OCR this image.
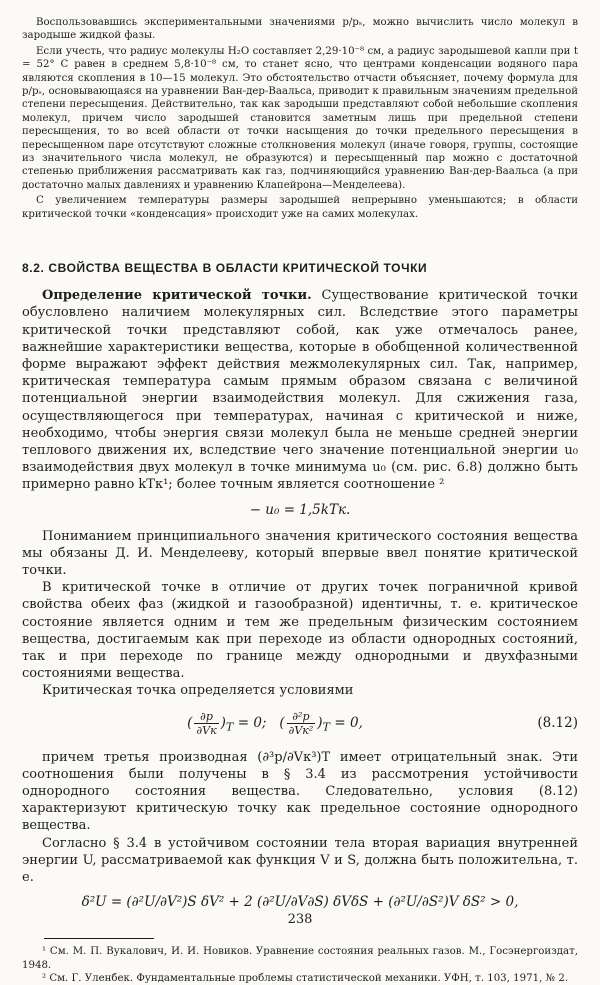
Воспользовавшись экспериментальными значениями p/pₛ, можно вычислить число молекул в зародыше жидкой фазы.

Если учесть, что радиус молекулы H₂O составляет 2,29·10⁻⁸ см, а радиус зародышевой капли при t = 52° С равен в среднем 5,8·10⁻⁸ см, то станет ясно, что центрами конденсации водяного пара являются скопления в 10—15 молекул. Это обстоятельство отчасти объясняет, почему формула для p/pₛ, основывающаяся на уравнении Ван-дер-Ваальса, приводит к правильным значениям предельной степени пересыщения. Действительно, так как зародыши представляют собой небольшие скопления молекул, причем число зародышей становится заметным лишь при предельной степени пересыщения, то во всей области от точки насыщения до точки предельного пересыщения в пересыщенном паре отсутствуют сложные столкновения молекул (иначе говоря, группы, состоящие из значительного числа молекул, не образуются) и пересыщенный пар можно с достаточной степенью приближения рассматривать как газ, подчиняющийся уравнению Ван-дер-Ваальса (а при достаточно малых давлениях и уравнению Клапейрона—Менделеева).

С увеличением температуры размеры зародышей непрерывно уменьшаются; в области критической точки «конденсация» происходит уже на самих молекулах.

8.2. СВОЙСТВА ВЕЩЕСТВА В ОБЛАСТИ КРИТИЧЕСКОЙ ТОЧКИ

Определение критической точки. Существование критической точки обусловлено наличием молекулярных сил. Вследствие этого параметры критической точки представляют собой, как уже отмечалось ранее, важнейшие характеристики вещества, которые в обобщенной количественной форме выражают эффект действия межмолекулярных сил. Так, например, критическая температура самым прямым образом связана с величиной потенциальной энергии взаимодействия молекул. Для сжижения газа, осуществляющегося при температурах, начиная с критической и ниже, необходимо, чтобы энергия связи молекул была не меньше средней энергии теплового движения их, вследствие чего значение потенциальной энергии u₀ взаимодействия двух молекул в точке минимума u₀ (см. рис. 6.8) должно быть примерно равно kTк¹; более точным является соотношение ²

− u₀ = 1,5kTк.

Пониманием принципиального значения критического состояния вещества мы обязаны Д. И. Менделееву, который впервые ввел понятие критической точки.

В критической точке в отличие от других точек пограничной кривой свойства обеих фаз (жидкой и газообразной) идентичны, т. е. критическое состояние является одним и тем же предельным физическим состоянием вещества, достигаемым как при переходе из области однородных состояний, так и при переходе по границе между однородными и двухфазными состояниями вещества.

Критическая точка определяется условиями

( $\frac{\partial p}{\partial Vк} )_T = 0$;   ( $\frac{\text{∂²p}}{\text{∂Vк²}} )_T = 0$,	(8.12)

причем третья производная (∂³p/∂Vк³)T имеет отрицательный знак. Эти соотношения были получены в § 3.4 из рассмотрения устойчивости однородного состояния вещества. Следовательно, условия (8.12) характеризуют критическую точку как предельное состояние однородного вещества.

Согласно § 3.4 в устойчивом состоянии тела вторая вариация внутренней энергии U, рассматриваемой как функция V и S, должна быть положительна, т. е.

δ²U = (∂²U/∂V²)S δV² + 2 (∂²U/∂V∂S) δVδS + (∂²U/∂S²)V δS² > 0,

¹ См. М. П. Вукалович, И. И. Новиков. Уравнение состояния реальных газов. М., Госэнергоиздат, 1948.

² См. Г. Уленбек. Фундаментальные проблемы статистической механики. УФН, т. 103, 1971, № 2.

238
